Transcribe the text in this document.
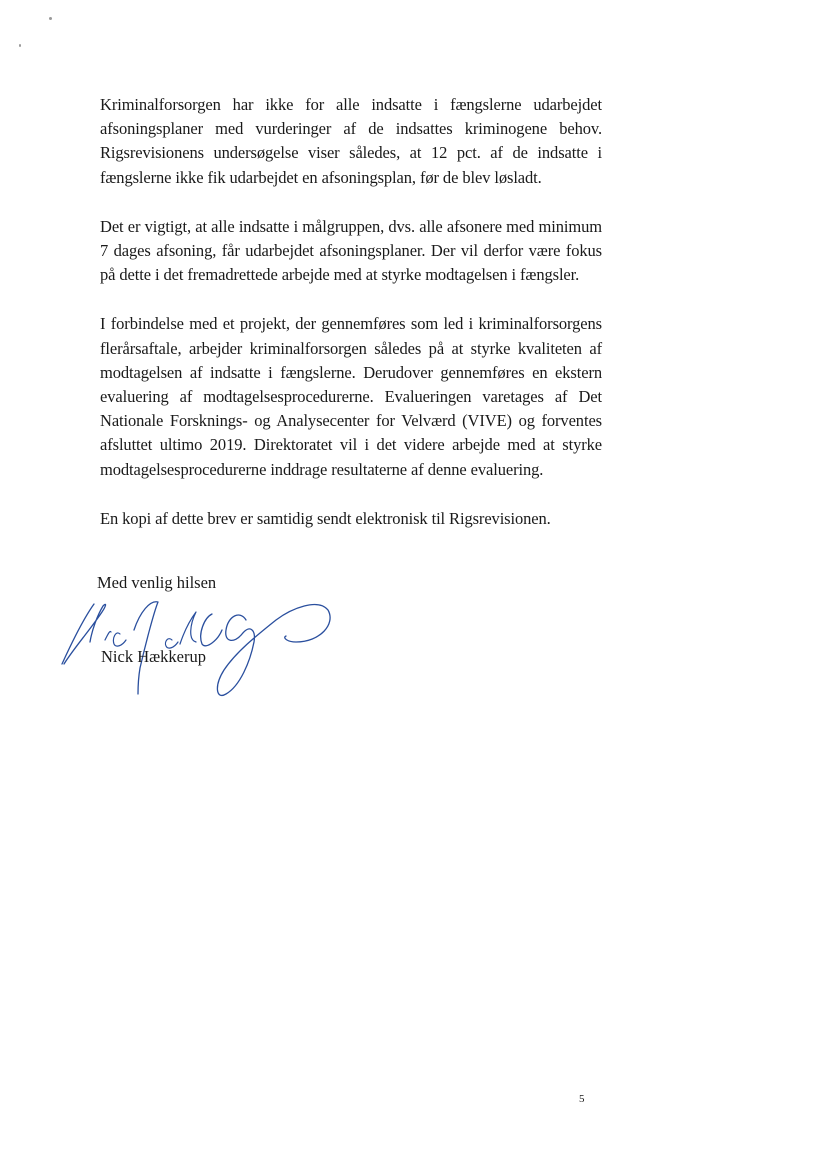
Kriminalforsorgen har ikke for alle indsatte i fængslerne udarbejdet afsoningsplaner med vurderinger af de indsattes kriminogene behov. Rigsrevisionens undersøgelse viser således, at 12 pct. af de indsatte i fængslerne ikke fik udarbejdet en afsoningsplan, før de blev løsladt.

Det er vigtigt, at alle indsatte i målgruppen, dvs. alle afsonere med minimum 7 dages afsoning, får udarbejdet afsoningsplaner. Der vil derfor være fokus på dette i det fremadrettede arbejde med at styrke modtagelsen i fængsler.

I forbindelse med et projekt, der gennemføres som led i kriminalforsorgens flerårsaftale, arbejder kriminalforsorgen således på at styrke kvaliteten af modtagelsen af indsatte i fængslerne. Derudover gennemføres en ekstern evaluering af modtagelsesprocedurerne. Evalueringen varetages af Det Nationale Forsknings- og Analysecenter for Velværd (VIVE) og forventes afsluttet ultimo 2019. Direktoratet vil i det videre arbejde med at styrke modtagelsesprocedurerne inddrage resultaterne af denne evaluering.

En kopi af dette brev er samtidig sendt elektronisk til Rigsrevisionen.

Med venlig hilsen
Nick Hækkerup
5
